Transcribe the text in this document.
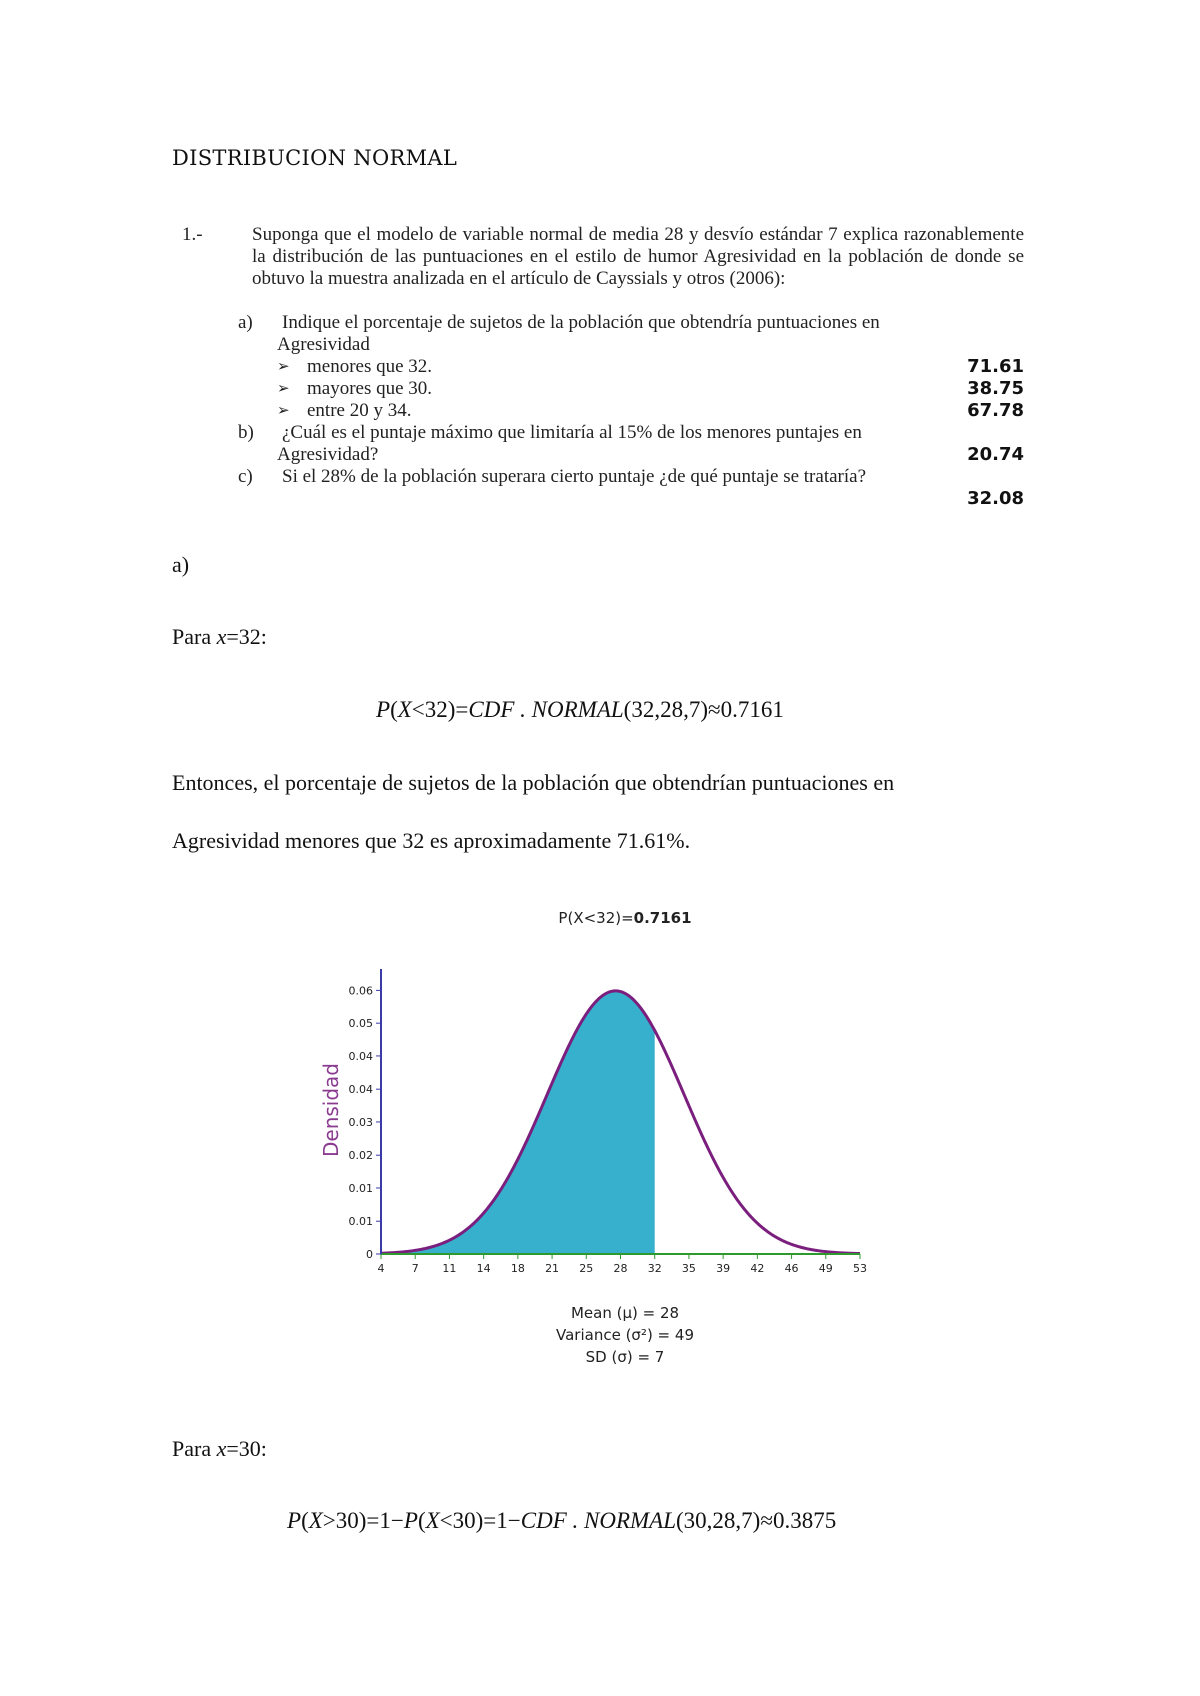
DISTRIBUCION NORMAL
1.-	Suponga que el modelo de variable normal de media 28 y desvío estándar 7 explica razonablemente la distribución de las puntuaciones en el estilo de humor Agresividad en la población de donde se obtuvo la muestra analizada en el artículo de Cayssials y otros (2006):
a) Indique el porcentaje de sujetos de la población que obtendría puntuaciones en
Agresividad
➢ menores que 32.	71.61
➢ mayores que 30.	38.75
➢ entre 20 y 34.	67.78
b) ¿Cuál es el puntaje máximo que limitaría al 15% de los menores puntajes en
Agresividad?	20.74
c) Si el 28% de la población superara cierto puntaje ¿de qué puntaje se trataría?
32.08
a)
Para x=32:
P(X<32)=CDF . NORMAL(32,28,7)≈0.7161
Entonces, el porcentaje de sujetos de la población que obtendrían puntuaciones en
Agresividad menores que 32 es aproximadamente 71.61%.
P(X<32)=0.7161
Densidad
4 7 11 14 18 21 25 28 32 35 39 42 46 49 53
0
0.01
0.01
0.02
0.03
0.04
0.04
0.05
0.06
Mean (μ) = 28
Variance (σ²) = 49
SD (σ) = 7
Para x=30:
P(X>30)=1−P(X<30)=1−CDF . NORMAL(30,28,7)≈0.3875
